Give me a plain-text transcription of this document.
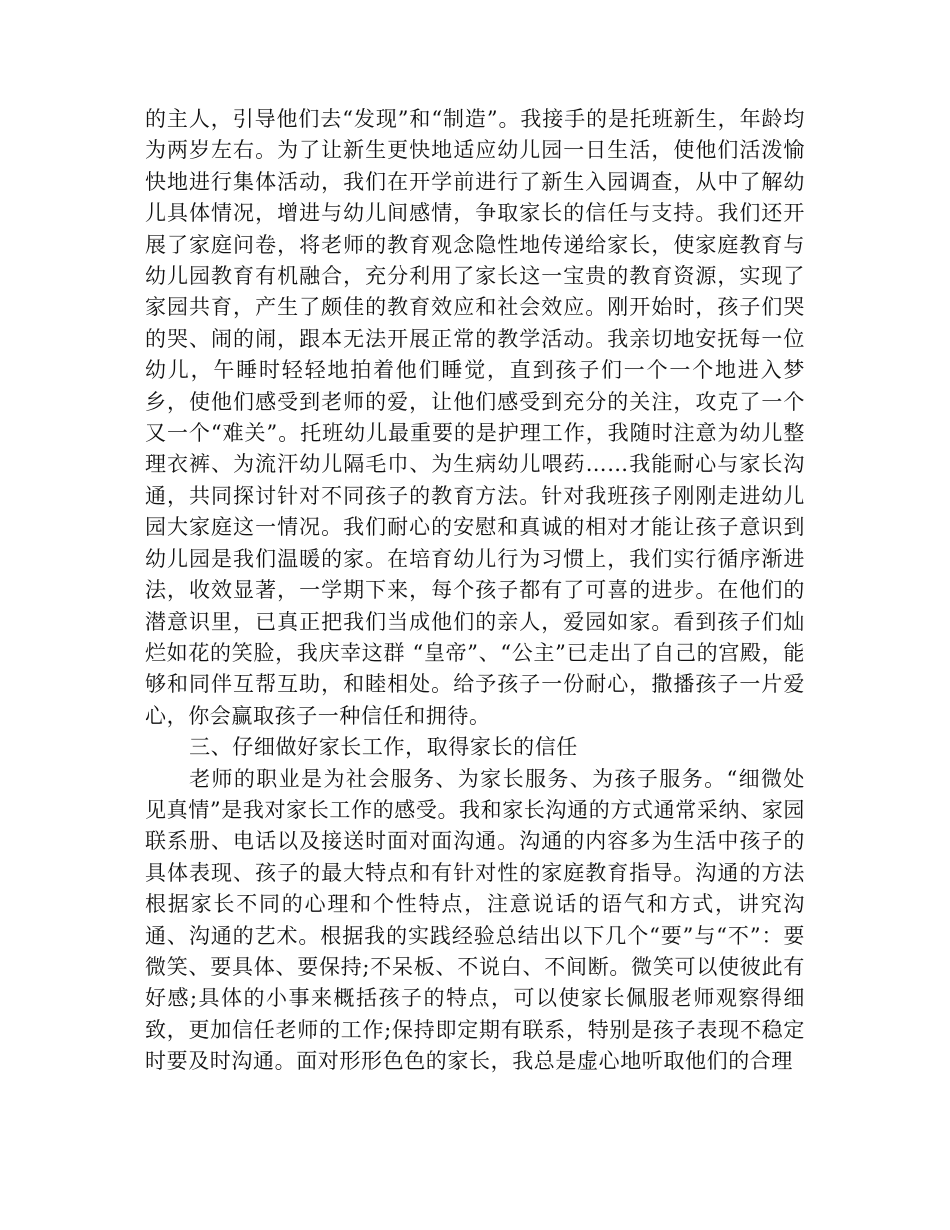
的主人，引导他们去“发现”和“制造”。我接手的是托班新生，年龄均为两岁左右。为了让新生更快地适应幼儿园一日生活，使他们活泼愉快地进行集体活动，我们在开学前进行了新生入园调查，从中了解幼儿具体情况，增进与幼儿间感情，争取家长的信任与支持。我们还开展了家庭问卷，将老师的教育观念隐性地传递给家长，使家庭教育与幼儿园教育有机融合，充分利用了家长这一宝贵的教育资源，实现了家园共育，产生了颇佳的教育效应和社会效应。刚开始时，孩子们哭的哭、闹的闹，跟本无法开展正常的教学活动。我亲切地安抚每一位幼儿，午睡时轻轻地拍着他们睡觉，直到孩子们一个一个地进入梦乡，使他们感受到老师的爱，让他们感受到充分的关注，攻克了一个又一个“难关”。托班幼儿最重要的是护理工作，我随时注意为幼儿整理衣裤、为流汗幼儿隔毛巾、为生病幼儿喂药……我能耐心与家长沟通，共同探讨针对不同孩子的教育方法。针对我班孩子刚刚走进幼儿园大家庭这一情况。我们耐心的安慰和真诚的相对才能让孩子意识到幼儿园是我们温暖的家。在培育幼儿行为习惯上，我们实行循序渐进法，收效显著，一学期下来，每个孩子都有了可喜的进步。在他们的潜意识里，已真正把我们当成他们的亲人，爱园如家。看到孩子们灿烂如花的笑脸，我庆幸这群 “皇帝”、“公主”已走出了自己的宫殿，能够和同伴互帮互助，和睦相处。给予孩子一份耐心，撒播孩子一片爱心，你会赢取孩子一种信任和拥待。

三、仔细做好家长工作，取得家长的信任

老师的职业是为社会服务、为家长服务、为孩子服务。“细微处见真情”是我对家长工作的感受。我和家长沟通的方式通常采纳、家园联系册、电话以及接送时面对面沟通。沟通的内容多为生活中孩子的具体表现、孩子的最大特点和有针对性的家庭教育指导。沟通的方法根据家长不同的心理和个性特点，注意说话的语气和方式，讲究沟通、沟通的艺术。根据我的实践经验总结出以下几个“要”与“不”：要微笑、要具体、要保持;不呆板、不说白、不间断。微笑可以使彼此有好感;具体的小事来概括孩子的特点，可以使家长佩服老师观察得细致，更加信任老师的工作;保持即定期有联系，特别是孩子表现不稳定时要及时沟通。面对形形色色的家长，我总是虚心地听取他们的合理
